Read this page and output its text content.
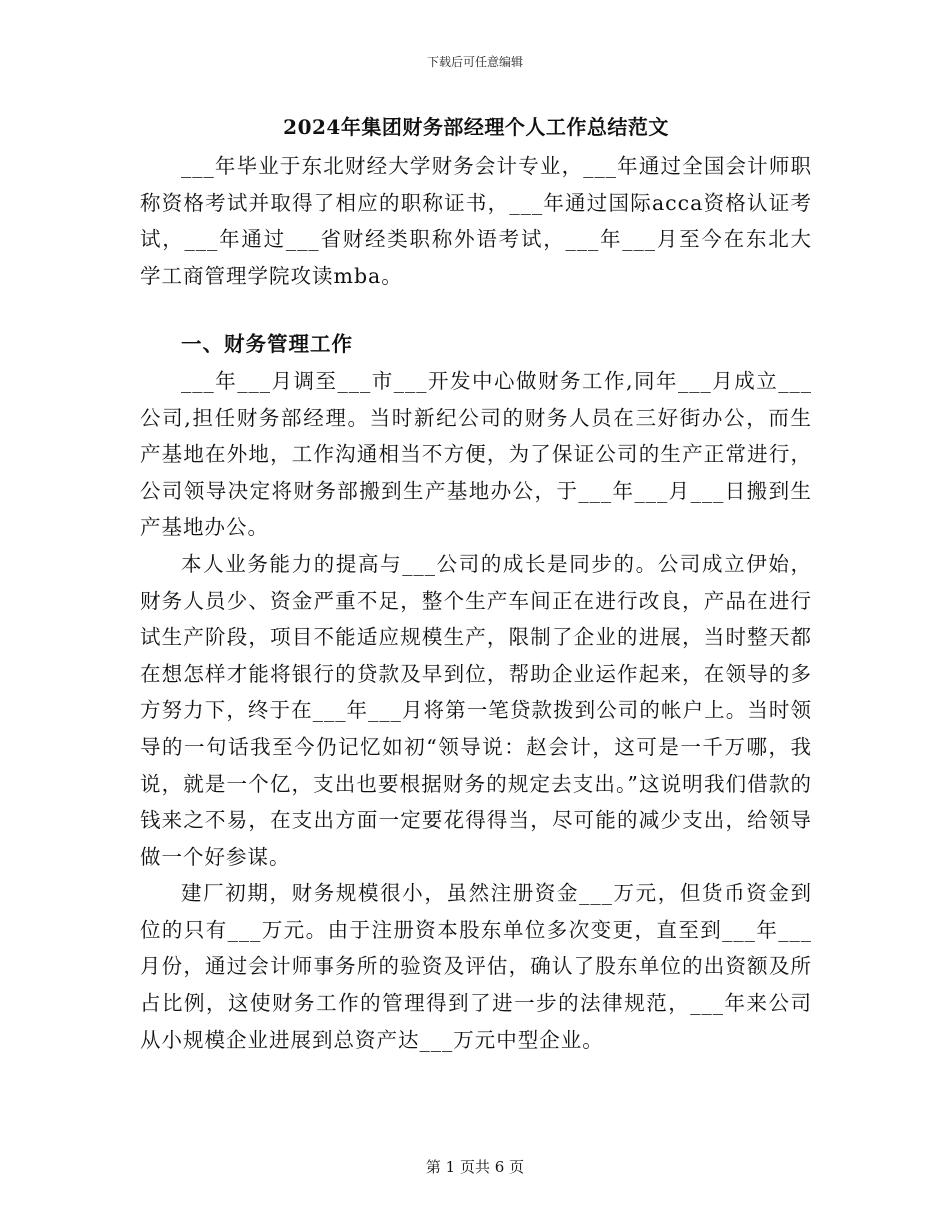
下载后可任意编辑
2024年集团财务部经理个人工作总结范文

___年毕业于东北财经大学财务会计专业，___年通过全国会计师职称资格考试并取得了相应的职称证书，___年通过国际acca资格认证考试，___年通过___省财经类职称外语考试，___年___月至今在东北大学工商管理学院攻读mba。

一、财务管理工作

___年___月调至___市___开发中心做财务工作,同年___月成立___公司,担任财务部经理。当时新纪公司的财务人员在三好街办公，而生产基地在外地，工作沟通相当不方便，为了保证公司的生产正常进行，公司领导决定将财务部搬到生产基地办公，于___年___月___日搬到生产基地办公。

本人业务能力的提高与___公司的成长是同步的。公司成立伊始，财务人员少、资金严重不足，整个生产车间正在进行改良，产品在进行试生产阶段，项目不能适应规模生产，限制了企业的进展，当时整天都在想怎样才能将银行的贷款及早到位，帮助企业运作起来，在领导的多方努力下，终于在___年___月将第一笔贷款拨到公司的帐户上。当时领导的一句话我至今仍记忆如初“领导说：赵会计，这可是一千万哪，我说，就是一个亿，支出也要根据财务的规定去支出。”这说明我们借款的钱来之不易，在支出方面一定要花得得当，尽可能的减少支出，给领导做一个好参谋。

建厂初期，财务规模很小，虽然注册资金___万元，但货币资金到位的只有___万元。由于注册资本股东单位多次变更，直至到___年___月份，通过会计师事务所的验资及评估，确认了股东单位的出资额及所占比例，这使财务工作的管理得到了进一步的法律规范，___年来公司从小规模企业进展到总资产达___万元中型企业。

第 1 页共 6 页
